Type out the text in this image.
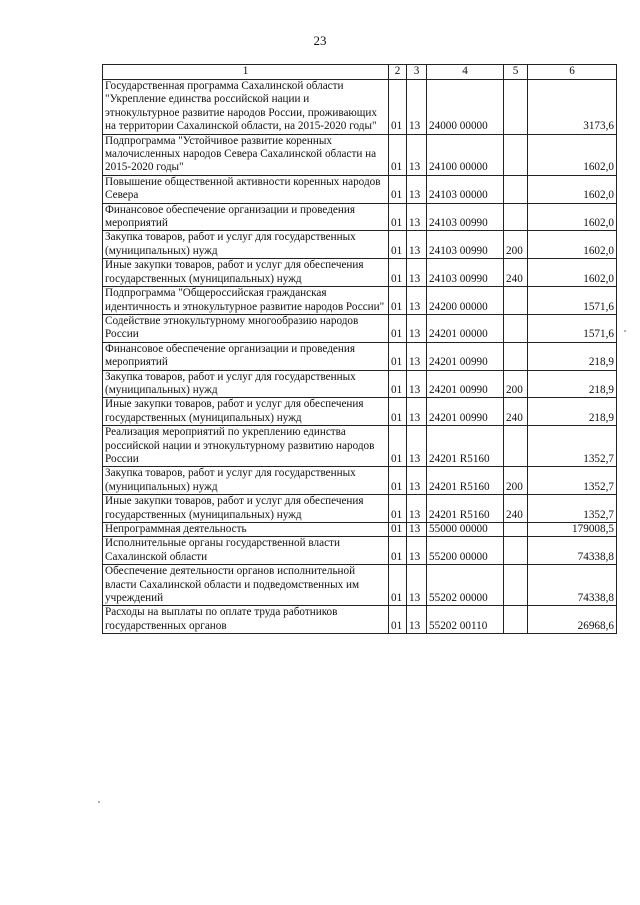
23
1	2	3	4	5	6
Государственная программа Сахалинской области "Укрепление единства российской нации и этнокультурное развитие народов России, проживающих на территории Сахалинской области, на 2015-2020 годы"	01	13	24000 00000		3173,6
Подпрограмма "Устойчивое развитие коренных малочисленных народов Севера Сахалинской области на 2015-2020 годы"	01	13	24100 00000		1602,0
Повышение общественной активности коренных народов Севера	01	13	24103 00000		1602,0
Финансовое обеспечение организации и проведения мероприятий	01	13	24103 00990		1602,0
Закупка товаров, работ и услуг для государственных (муниципальных) нужд	01	13	24103 00990	200	1602,0
Иные закупки товаров, работ и услуг для обеспечения государственных (муниципальных) нужд	01	13	24103 00990	240	1602,0
Подпрограмма "Общероссийская гражданская идентичность и этнокультурное развитие народов России"	01	13	24200 00000		1571,6
Содействие этнокультурному многообразию народов России	01	13	24201 00000		1571,6
Финансовое обеспечение организации и проведения мероприятий	01	13	24201 00990		218,9
Закупка товаров, работ и услуг для государственных (муниципальных) нужд	01	13	24201 00990	200	218,9
Иные закупки товаров, работ и услуг для обеспечения государственных (муниципальных) нужд	01	13	24201 00990	240	218,9
Реализация мероприятий по укреплению единства российской нации и этнокультурному развитию народов России	01	13	24201 R5160		1352,7
Закупка товаров, работ и услуг для государственных (муниципальных) нужд	01	13	24201 R5160	200	1352,7
Иные закупки товаров, работ и услуг для обеспечения государственных (муниципальных) нужд	01	13	24201 R5160	240	1352,7
Непрограммная деятельность	01	13	55000 00000		179008,5
Исполнительные органы государственной власти Сахалинской области	01	13	55200 00000		74338,8
Обеспечение деятельности органов исполнительной власти Сахалинской области и подведомственных им учреждений	01	13	55202 00000		74338,8
Расходы на выплаты по оплате труда работников государственных органов	01	13	55202 00110		26968,6
